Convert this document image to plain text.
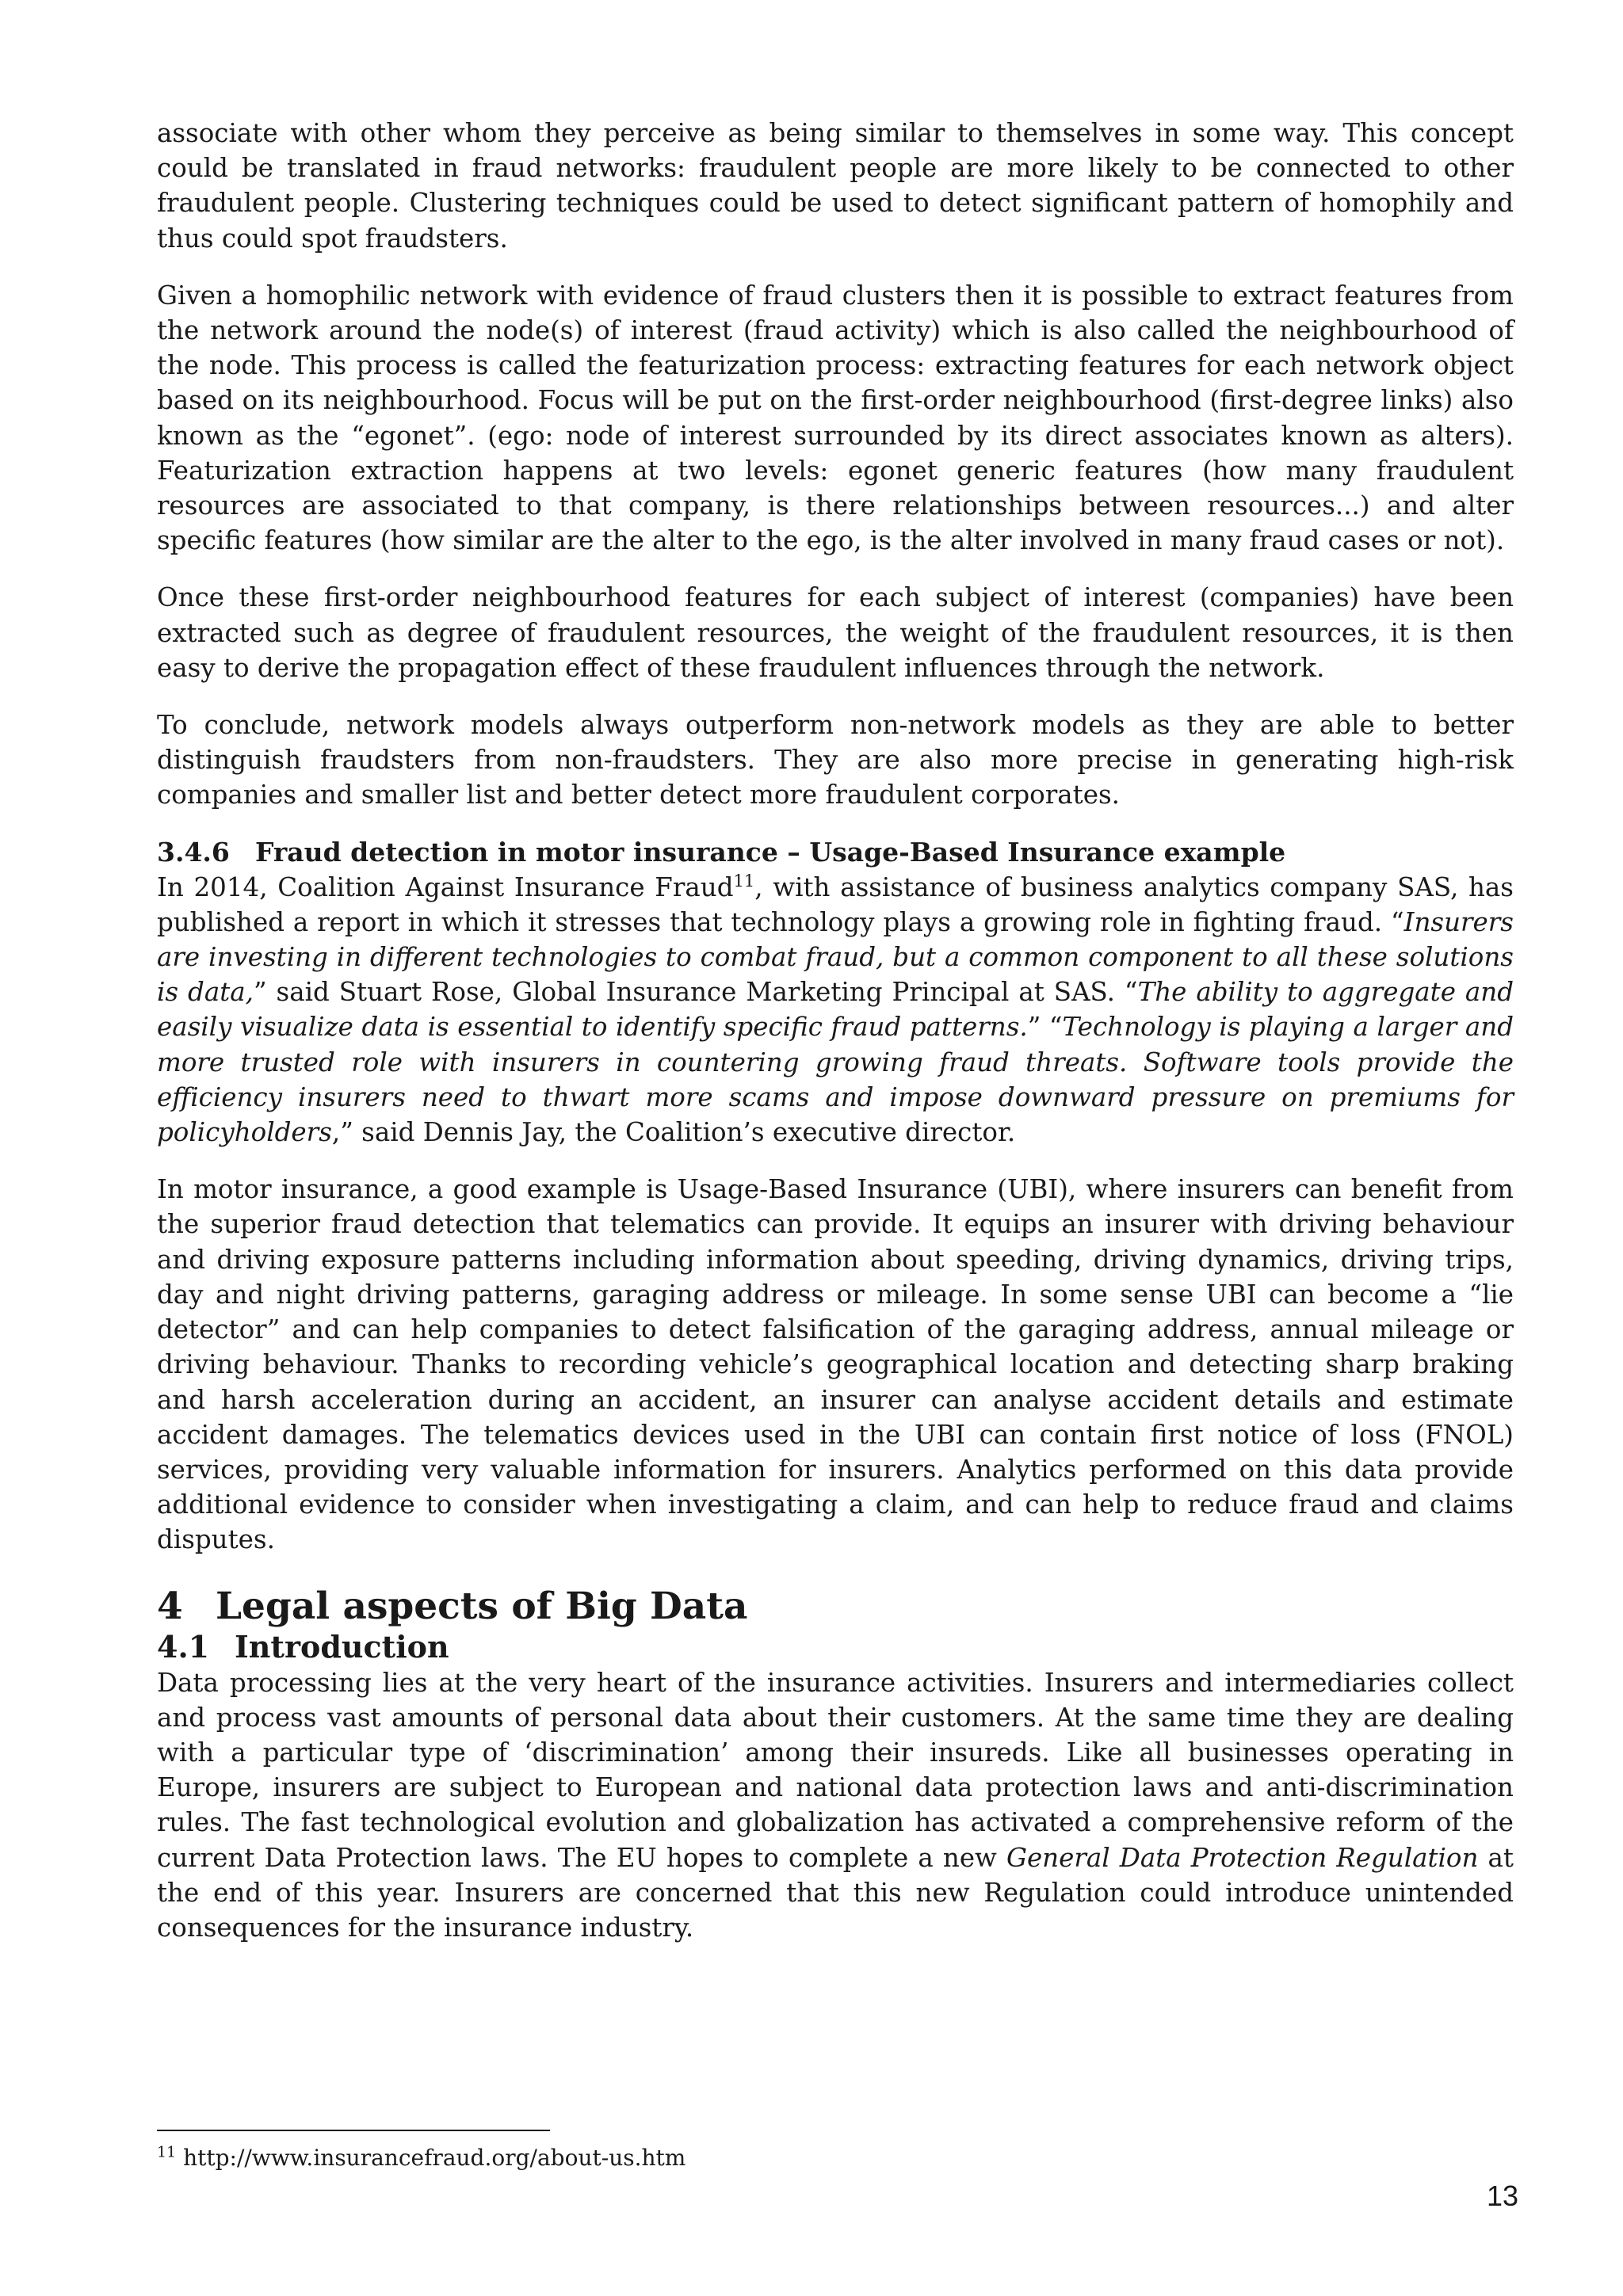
associate with other whom they perceive as being similar to themselves in some way. This concept could be translated in fraud networks: fraudulent people are more likely to be connected to other fraudulent people. Clustering techniques could be used to detect significant pattern of homophily and thus could spot fraudsters.

Given a homophilic network with evidence of fraud clusters then it is possible to extract features from the network around the node(s) of interest (fraud activity) which is also called the neighbourhood of the node. This process is called the featurization process: extracting features for each network object based on its neighbourhood. Focus will be put on the first-order neighbourhood (first-degree links) also known as the “egonet”. (ego: node of interest surrounded by its direct associates known as alters). Featurization extraction happens at two levels: egonet generic features (how many fraudulent resources are associated to that company, is there relationships between resources...) and alter specific features (how similar are the alter to the ego, is the alter involved in many fraud cases or not).

Once these first-order neighbourhood features for each subject of interest (companies) have been extracted such as degree of fraudulent resources, the weight of the fraudulent resources, it is then easy to derive the propagation effect of these fraudulent influences through the network.

To conclude, network models always outperform non-network models as they are able to better distinguish fraudsters from non-fraudsters. They are also more precise in generating high-risk companies and smaller list and better detect more fraudulent corporates.

3.4.6 Fraud detection in motor insurance – Usage-Based Insurance example

In 2014, Coalition Against Insurance Fraud$^{11}$, with assistance of business analytics company SAS, has published a report in which it stresses that technology plays a growing role in fighting fraud. “Insurers are investing in different technologies to combat fraud, but a common component to all these solutions is data,” said Stuart Rose, Global Insurance Marketing Principal at SAS. “The ability to aggregate and easily visualize data is essential to identify specific fraud patterns.” “Technology is playing a larger and more trusted role with insurers in countering growing fraud threats. Software tools provide the efficiency insurers need to thwart more scams and impose downward pressure on premiums for policyholders,” said Dennis Jay, the Coalition’s executive director.

In motor insurance, a good example is Usage-Based Insurance (UBI), where insurers can benefit from the superior fraud detection that telematics can provide. It equips an insurer with driving behaviour and driving exposure patterns including information about speeding, driving dynamics, driving trips, day and night driving patterns, garaging address or mileage. In some sense UBI can become a “lie detector” and can help companies to detect falsification of the garaging address, annual mileage or driving behaviour. Thanks to recording vehicle’s geographical location and detecting sharp braking and harsh acceleration during an accident, an insurer can analyse accident details and estimate accident damages. The telematics devices used in the UBI can contain first notice of loss (FNOL) services, providing very valuable information for insurers. Analytics performed on this data provide additional evidence to consider when investigating a claim, and can help to reduce fraud and claims disputes.

4 Legal aspects of Big Data
4.1 Introduction

Data processing lies at the very heart of the insurance activities. Insurers and intermediaries collect and process vast amounts of personal data about their customers. At the same time they are dealing with a particular type of ‘discrimination’ among their insureds. Like all businesses operating in Europe, insurers are subject to European and national data protection laws and anti-discrimination rules. The fast technological evolution and globalization has activated a comprehensive reform of the current Data Protection laws. The EU hopes to complete a new General Data Protection Regulation at the end of this year. Insurers are concerned that this new Regulation could introduce unintended consequences for the insurance industry.

$^{11}$ http://www.insurancefraud.org/about-us.htm
13
